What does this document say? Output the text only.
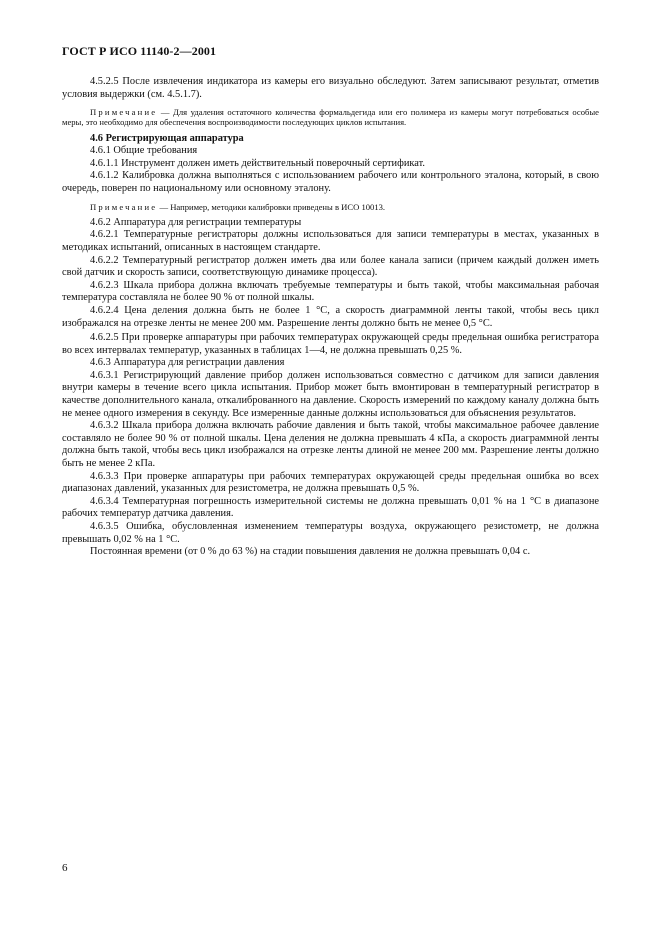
ГОСТ Р ИСО 11140-2—2001

4.5.2.5 После извлечения индикатора из камеры его визуально обследуют. Затем записывают результат, отметив условия выдержки (см. 4.5.1.7).

Примечание — Для удаления остаточного количества формальдегида или его полимера из камеры могут потребоваться особые меры, это необходимо для обеспечения воспроизводимости последующих циклов испытания.

4.6 Регистрирующая аппаратура

4.6.1 Общие требования

4.6.1.1 Инструмент должен иметь действительный поверочный сертификат.

4.6.1.2 Калибровка должна выполняться с использованием рабочего или контрольного эталона, который, в свою очередь, поверен по национальному или основному эталону.

Примечание — Например, методики калибровки приведены в ИСО 10013.

4.6.2 Аппаратура для регистрации температуры

4.6.2.1 Температурные регистраторы должны использоваться для записи температуры в местах, указанных в методиках испытаний, описанных в настоящем стандарте.

4.6.2.2 Температурный регистратор должен иметь два или более канала записи (причем каждый должен иметь свой датчик и скорость записи, соответствующую динамике процесса).

4.6.2.3 Шкала прибора должна включать требуемые температуры и быть такой, чтобы максимальная рабочая температура составляла не более 90 % от полной шкалы.

4.6.2.4 Цена деления должна быть не более 1 °С, а скорость диаграммной ленты такой, чтобы весь цикл изображался на отрезке ленты не менее 200 мм. Разрешение ленты должно быть не менее 0,5 °С.

4.6.2.5 При проверке аппаратуры при рабочих температурах окружающей среды предельная ошибка регистратора во всех интервалах температур, указанных в таблицах 1—4, не должна превышать 0,25 %.

4.6.3 Аппаратура для регистрации давления

4.6.3.1 Регистрирующий давление прибор должен использоваться совместно с датчиком для записи давления внутри камеры в течение всего цикла испытания. Прибор может быть вмонтирован в температурный регистратор в качестве дополнительного канала, откалиброванного на давление. Скорость измерений по каждому каналу должна быть не менее одного измерения в секунду. Все измеренные данные должны использоваться для объяснения результатов.

4.6.3.2 Шкала прибора должна включать рабочие давления и быть такой, чтобы максимальное рабочее давление составляло не более 90 % от полной шкалы. Цена деления не должна превышать 4 кПа, а скорость диаграммной ленты должна быть такой, чтобы весь цикл изображался на отрезке ленты длиной не менее 200 мм. Разрешение ленты должно быть не менее 2 кПа.

4.6.3.3 При проверке аппаратуры при рабочих температурах окружающей среды предельная ошибка во всех диапазонах давлений, указанных для резистометра, не должна превышать 0,5 %.

4.6.3.4 Температурная погрешность измерительной системы не должна превышать 0,01 % на 1 °С в диапазоне рабочих температур датчика давления.

4.6.3.5 Ошибка, обусловленная изменением температуры воздуха, окружающего резистометр, не должна превышать 0,02 % на 1 °С.

Постоянная времени (от 0 % до 63 %) на стадии повышения давления не должна превышать 0,04 с.

6
